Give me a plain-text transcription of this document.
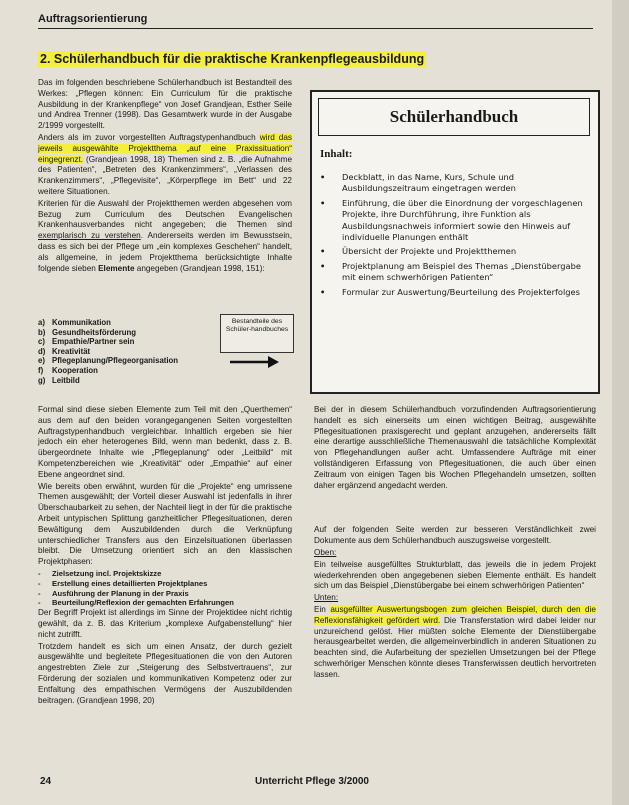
Auftragsorientierung
2. Schülerhandbuch für die praktische Krankenpflegeausbildung

Das im folgenden beschriebene Schülerhandbuch ist Bestandteil des Werkes: „Pflegen können: Ein Curriculum für die praktische Ausbildung in der Krankenpflege“ von Josef Grandjean, Esther Seile und Andrea Trenner (1998). Das Gesamtwerk wurde in der Ausgabe 2/1999 vorgestellt.

Anders als im zuvor vorgestellten Auftragstypenhandbuch wird das jeweils ausgewählte Projektthema „auf eine Praxissituation“ eingegrenzt. (Grandjean 1998, 18) Themen sind z. B. „die Aufnahme des Patienten“, „Betreten des Krankenzimmers“, „Verlassen des Krankenzimmers“, „Pflegevisite“, „Körperpflege im Bett“ und 22 weitere Situationen.

Kriterien für die Auswahl der Projektthemen werden abgesehen vom Bezug zum Curriculum des Deutschen Evangelischen Krankenhausverbandes nicht angegeben; die Themen sind exemplarisch zu verstehen. Andererseits werden im Bewusstsein, dass es sich bei der Pflege um „ein komplexes Geschehen“ handelt, als allgemeine, in jedem Projektthema berücksichtigte Inhalte folgende sieben Elemente angegeben (Grandjean 1998, 151):

a) Kommunikation
b) Gesundheitsförderung
c) Empathie/Partner sein
d) Kreativität
e) Pflegeplanung/Pflegeorganisation
f)	Kooperation
g) Leitbild
Bestandteile des Schüler-handbuches

Formal sind diese sieben Elemente zum Teil mit den „Querthemen“ aus dem auf den beiden vorangegangenen Seiten vorgestellten Auftragstypenhandbuch vergleichbar. Inhaltlich ergeben sie hier jedoch ein eher heterogenes Bild, wenn man bedenkt, dass z. B. übergeordnete Inhalte wie „Pflegeplanung“ oder „Leitbild“ mit Kompetenzbereichen wie „Kreativität“ oder „Empathie“ auf einer Ebene angeordnet sind.

Wie bereits oben erwähnt, wurden für die „Projekte“ eng umrissene Themen ausgewählt; der Vorteil dieser Auswahl ist jedenfalls in ihrer Überschaubarkeit zu sehen, der Nachteil liegt in der für die praktische Arbeit untypischen Splittung ganzheitlicher Pflegesituationen, deren Bewältigung dem Auszubildenden durch die Verknüpfung unterschiedlicher Transfers aus den Einzelsituationen überlassen bleibt. Die Umsetzung orientiert sich an den klassischen Projektphasen:

-	Zielsetzung incl. Projektskizze
-	Erstellung eines detaillierten Projektplanes
-	Ausführung der Planung in der Praxis
-	Beurteilung/Reflexion der gemachten Erfahrungen

Der Begriff Projekt ist allerdings im Sinne der Projektidee nicht richtig gewählt, da z. B. das Kriterium „komplexe Aufgabenstellung“ hier nicht zutrifft.

Trotzdem handelt es sich um einen Ansatz, der durch gezielt ausgewählte und begleitete Pflegesituationen die von den Autoren angestrebten Ziele zur „Steigerung des Selbstvertrauens“, zur Förderung der sozialen und kommunikativen Kompetenz oder zur Entfaltung des empathischen Vermögens der Auszubildenden beitragen. (Grandjean 1998, 20)

Schülerhandbuch
Inhalt:
•	Deckblatt, in das Name, Kurs, Schule und Ausbildungszeitraum eingetragen werden
•	Einführung, die über die Einordnung der vorgeschlagenen Projekte, ihre Durchführung, ihre Funktion als Ausbildungsnachweis informiert sowie den Hinweis auf individuelle Planungen enthält
•	Übersicht der Projekte und Projektthemen
•	Projektplanung am Beispiel des Themas „Dienstübergabe mit einem schwerhörigen Patienten“
•	Formular zur Auswertung/Beurteilung des Projekterfolges

Bei der in diesem Schülerhandbuch vorzufindenden Auftragsorientierung handelt es sich einerseits um einen wichtigen Beitrag, ausgewählte Pflegesituationen praxisgerecht und geplant anzugehen, andererseits fällt eine derartige ausschließliche Themenauswahl die tatsächliche Komplexität von Pflegehandlungen außer acht. Umfassendere Aufträge mit einer vollständigeren Erfassung von Pflegesituationen, die auch über einen Zeitraum von einigen Tagen bis Wochen Pflegehandeln umsetzen, sollten daher ergänzend angedacht werden.

Auf der folgenden Seite werden zur besseren Verständlichkeit zwei Dokumente aus dem Schülerhandbuch auszugsweise vorgestellt.

Oben:

Ein teilweise ausgefülltes Strukturblatt, das jeweils die in jedem Projekt wiederkehrenden oben angegebenen sieben Elemente enthält. Es handelt sich um das Beispiel „Dienstübergabe bei einem schwerhörigen Patienten“

Unten:

Ein ausgefüllter Auswertungsbogen zum gleichen Beispiel, durch den die Reflexionsfähigkeit gefördert wird. Die Transferstation wird dabei leider nur unzureichend gelöst. Hier müßten solche Elemente der Dienstübergabe herausgearbeitet werden, die allgemeinverbindlich in anderen Situationen zu beachten sind, die Aufarbeitung der speziellen Umsetzungen bei der Pflege schwerhöriger Menschen könnte dieses Transferwissen deutlich hervortreten lassen.

24	Unterricht Pflege 3/2000
